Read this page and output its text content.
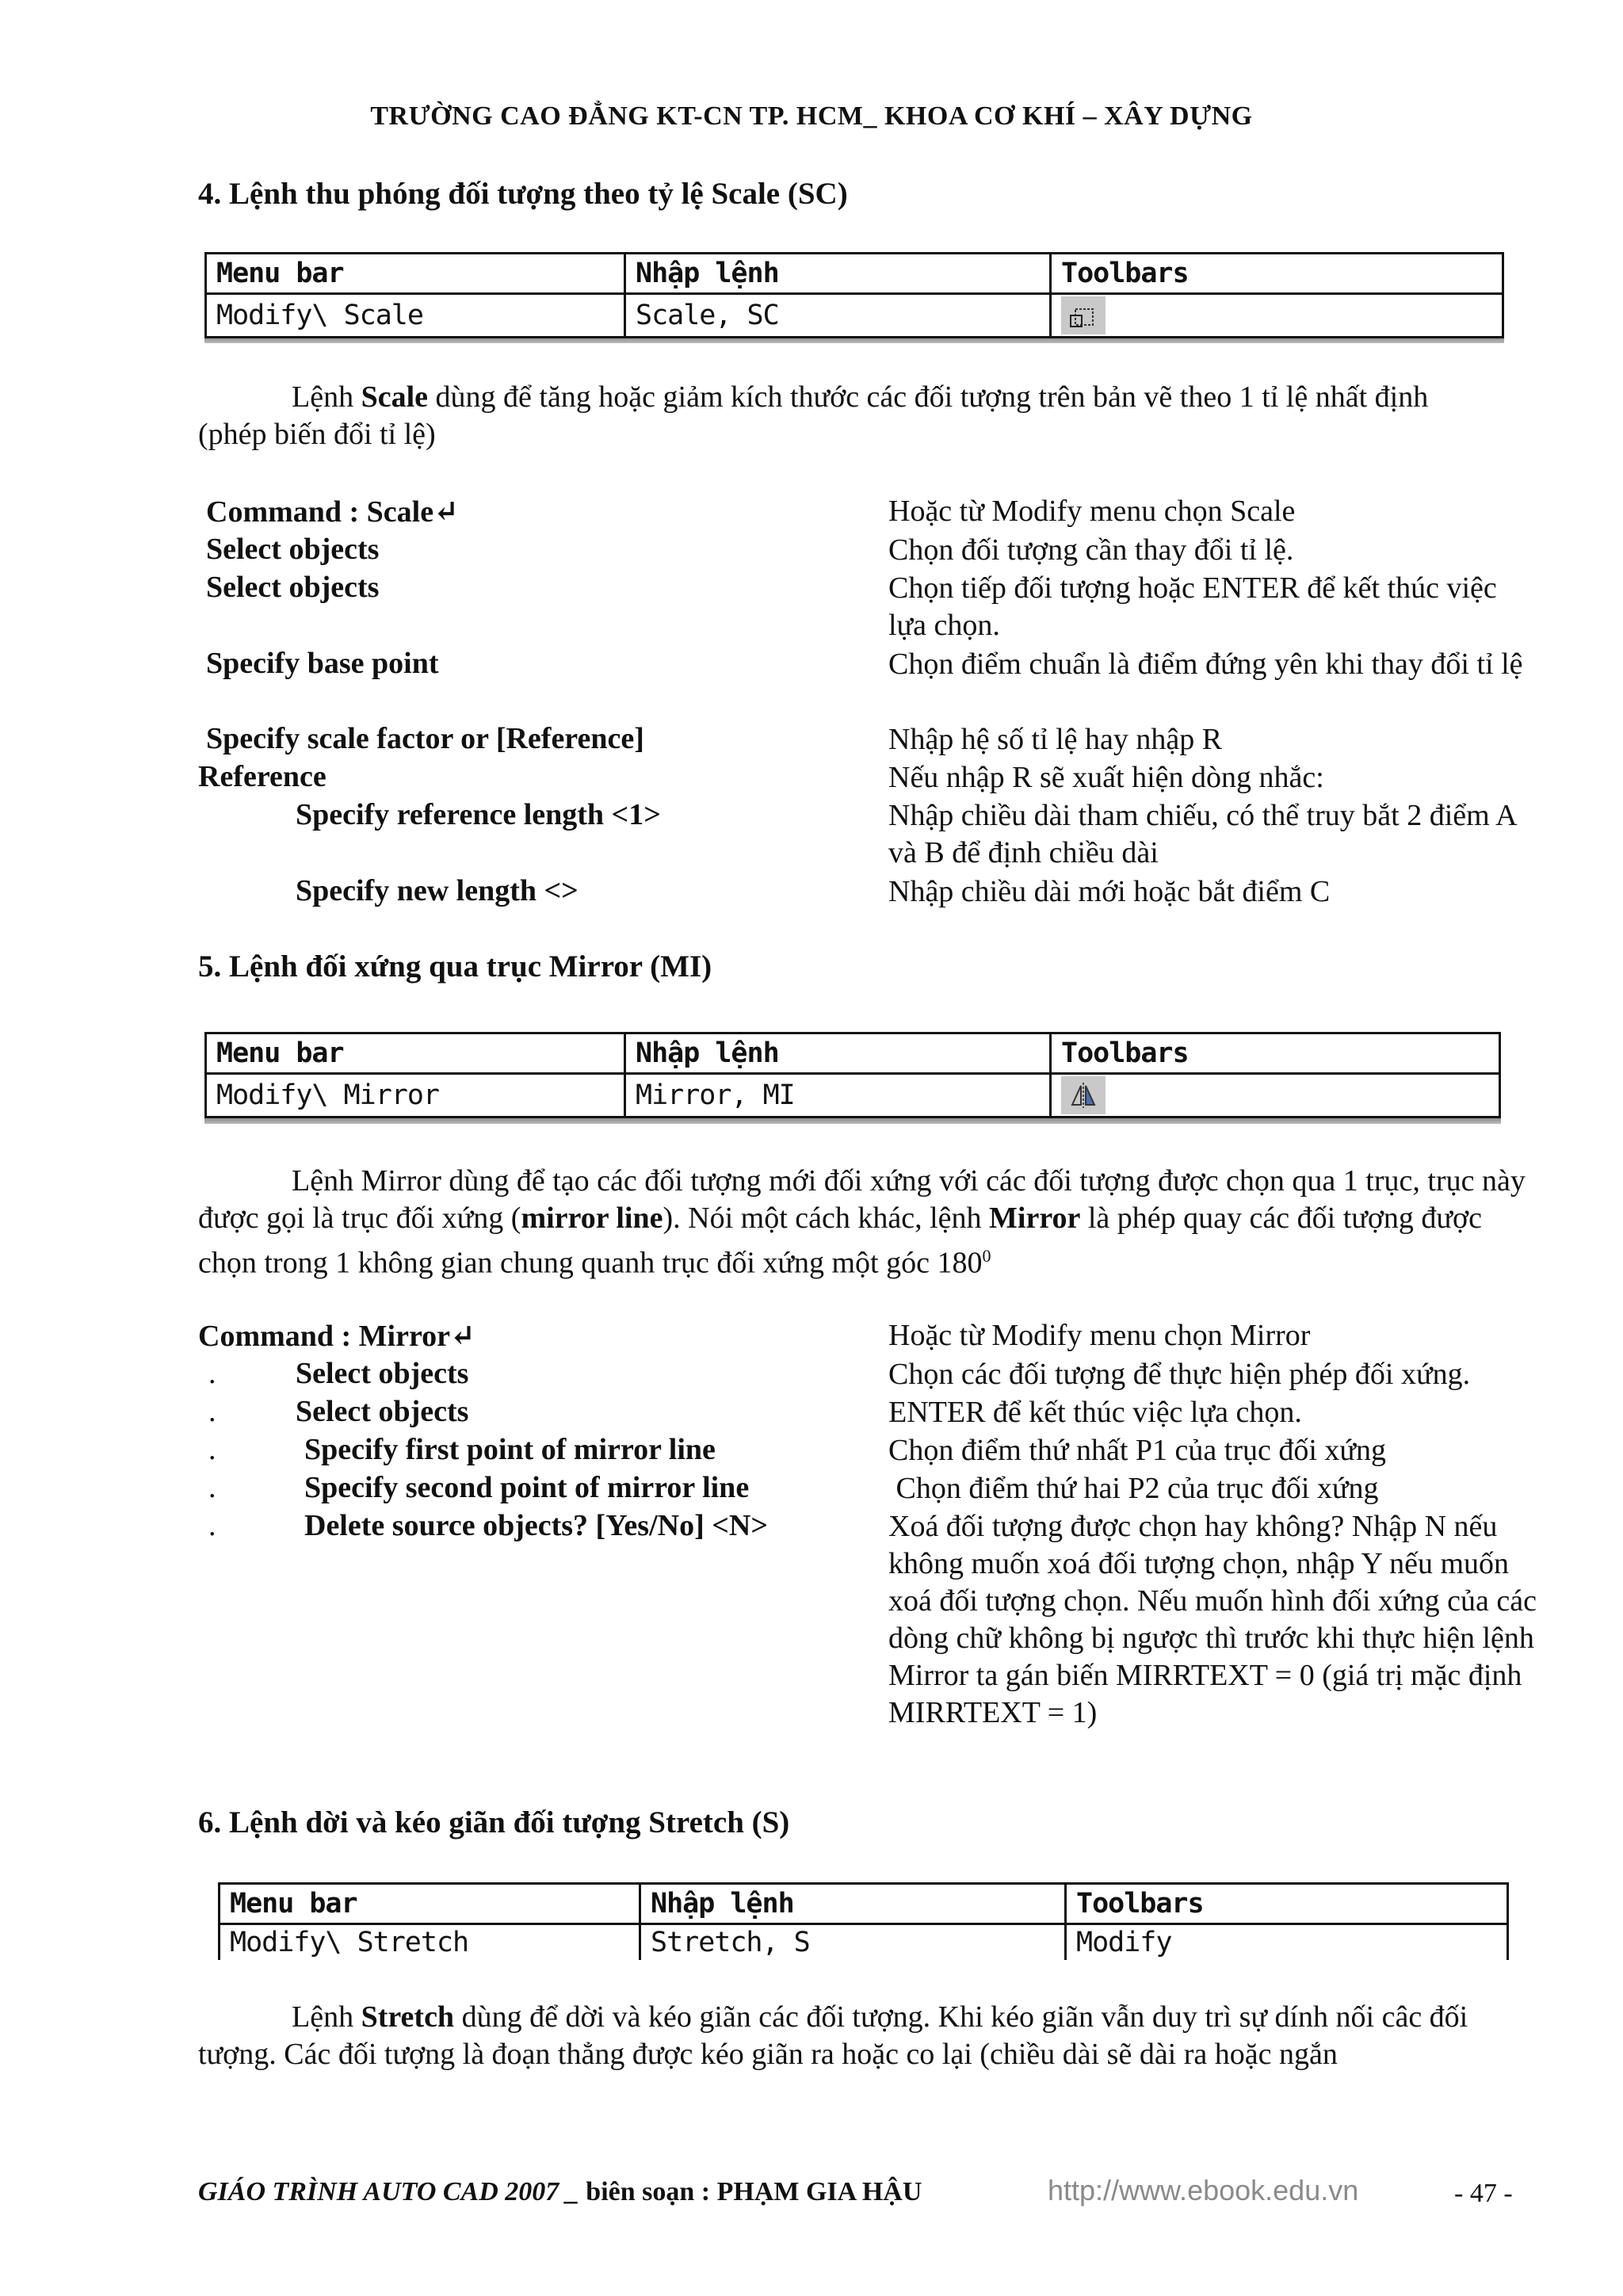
TRƯỜNG CAO ĐẲNG KT-CN TP. HCM_ KHOA CƠ KHÍ – XÂY DỰNG
4. Lệnh thu phóng đối tượng theo tỷ lệ Scale (SC)
Menu bar	Nhập lệnh	Toolbars
Modify\ Scale	Scale, SC	
Lệnh Scale dùng để tăng hoặc giảm kích thước các đối tượng trên bản vẽ theo 1 tỉ lệ nhất định (phép biến đổi tỉ lệ)
Command : Scale↵	Hoặc từ Modify menu chọn Scale
Select objects	Chọn đối tượng cần thay đổi tỉ lệ.
Select objects	Chọn tiếp đối tượng hoặc ENTER để kết thúc việc lựa chọn.
Specify base point	Chọn điểm chuẩn là điểm đứng yên khi thay đổi tỉ lệ
Specify scale factor or [Reference]	Nhập hệ số tỉ lệ hay nhập R
Reference	Nếu nhập R sẽ xuất hiện dòng nhắc:
Specify reference length <1>	Nhập chiều dài tham chiếu, có thể truy bắt 2 điểm A và B để định chiều dài
Specify new length <>	Nhập chiều dài mới hoặc bắt điểm C
5. Lệnh đối xứng qua trục Mirror (MI)
Menu bar	Nhập lệnh	Toolbars
Modify\ Mirror	Mirror, MI	
Lệnh Mirror dùng để tạo các đối tượng mới đối xứng với các đối tượng được chọn qua 1 trục, trục này được gọi là trục đối xứng (mirror line). Nói một cách khác, lệnh Mirror là phép quay các đối tượng được chọn trong 1 không gian chung quanh trục đối xứng một góc $180^0$
Command : Mirror↵	Hoặc từ Modify menu chọn Mirror
.	Select objects	Chọn các đối tượng để thực hiện phép đối xứng.
.	Select objects	ENTER để kết thúc việc lựa chọn.
.	Specify first point of mirror line	Chọn điểm thứ nhất P1 của trục đối xứng
.	Specify second point of mirror line	Chọn điểm thứ hai P2 của trục đối xứng
.	Delete source objects? [Yes/No] <N>	Xoá đối tượng được chọn hay không? Nhập N nếu không muốn xoá đối tượng chọn, nhập Y nếu muốn xoá đối tượng chọn. Nếu muốn hình đối xứng của các dòng chữ không bị ngược thì trước khi thực hiện lệnh Mirror ta gán biến MIRRTEXT = 0 (giá trị mặc định MIRRTEXT = 1)
6. Lệnh dời và kéo giãn đối tượng Stretch (S)
Menu bar	Nhập lệnh	Toolbars
Modify\ Stretch	Stretch, S	Modify
Lệnh Stretch dùng để dời và kéo giãn các đối tượng. Khi kéo giãn vẫn duy trì sự dính nối câc đối tượng. Các đối tượng là đoạn thẳng được kéo giãn ra hoặc co lại (chiều dài sẽ dài ra hoặc ngắn
GIÁO TRÌNH AUTO CAD 2007 _ biên soạn : PHẠM GIA HẬU	http://www.ebook.edu.vn	- 47 -
